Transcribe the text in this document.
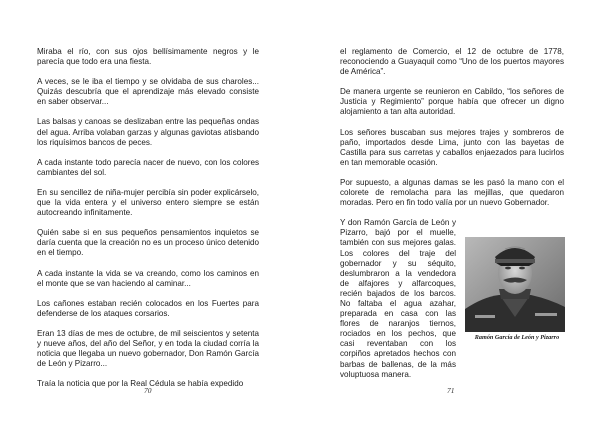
Miraba el río, con sus ojos bellísimamente negros y le parecía que todo era una fiesta.

A veces, se le iba el tiempo y se olvidaba de sus charoles... Quizás descubría que el aprendizaje más elevado consiste en saber observar...

Las balsas y canoas se deslizaban entre las pequeñas ondas del agua. Arriba volaban garzas y algunas gaviotas atisbando los riquísimos bancos de peces.

A cada instante todo parecía nacer de nuevo, con los colores cambiantes del sol.

En su sencillez de niña-mujer percibía sin poder explicárselo, que la vida entera y el universo entero siempre se están autocreando infinitamente.

Quién sabe si en sus pequeños pensamientos inquietos se daría cuenta que la creación no es un proceso único detenido en el tiempo.

A cada instante la vida se va creando, como los caminos en el monte que se van haciendo al caminar...

Los cañones estaban recién colocados en los Fuertes para defenderse de los ataques corsarios.

Eran 13 días de mes de octubre, de mil seiscientos y setenta y nueve años, del año del Señor, y en toda la ciudad corría la noticia que llegaba un nuevo gobernador, Don Ramón García de León y Pizarro...

Traía la noticia que por la Real Cédula se había expedido

70

el reglamento de Comercio, el 12 de octubre de 1778, reconociendo a Guayaquil como “Uno de los puertos mayores de América”.

De manera urgente se reunieron en Cabildo, “los señores de Justicia y Regimiento” porque había que ofrecer un digno alojamiento a tan alta autoridad.

Los señores buscaban sus mejores trajes y sombreros de paño, importados desde Lima, junto con las bayetas de Castilla para sus carretas y caballos enjaezados para lucirlos en tan memorable ocasión.

Por supuesto, a algunas damas se les pasó la mano con el colorete de remolacha para las mejillas, que quedaron moradas. Pero en fin todo valía por un nuevo Gobernador.

Y don Ramón García de León y Pizarro, bajó por el muelle, también con sus mejores galas. Los colores del traje del gobernador y su séquito, deslumbraron a la vendedora de alfajores y alfarcoques, recién bajados de los barcos. No faltaba el agua azahar, preparada en casa con las flores de naranjos tiernos, rociados en los pechos, que casi reventaban con los corpiños apretados hechos con barbas de ballenas, de la más voluptuosa manera.

Ramón García de León y Pizarro
71
